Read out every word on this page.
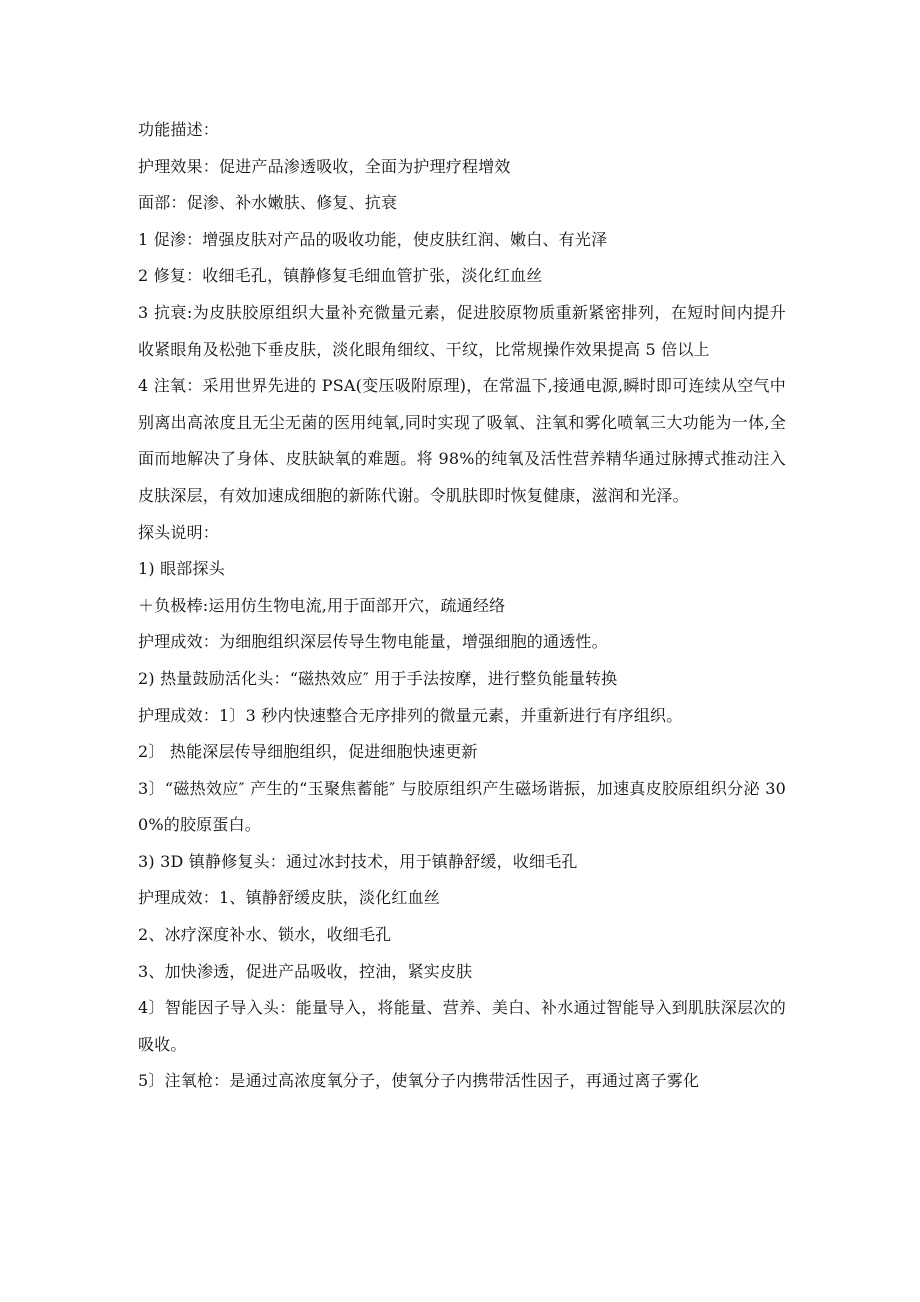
功能描述：

护理效果：促进产品渗透吸收，全面为护理疗程增效

面部：促渗、补水嫩肤、修复、抗衰

1 促渗：增强皮肤对产品的吸收功能，使皮肤红润、嫩白、有光泽

2 修复：收细毛孔，镇静修复毛细血管扩张，淡化红血丝

3 抗衰:为皮肤胶原组织大量补充微量元素，促进胶原物质重新紧密排列，在短时间内提升收紧眼角及松弛下垂皮肤，淡化眼角细纹、干纹，比常规操作效果提高 5 倍以上

4 注氧：采用世界先进的 PSA(变压吸附原理)，在常温下,接通电源,瞬时即可连续从空气中别离出高浓度且无尘无菌的医用纯氧,同时实现了吸氧、注氧和雾化喷氧三大功能为一体,全面而地解决了身体、皮肤缺氧的难题。将 98%的纯氧及活性营养精华通过脉搏式推动注入皮肤深层，有效加速成细胞的新陈代谢。令肌肤即时恢复健康，滋润和光泽。

探头说明：

1) 眼部探头

＋负极棒:运用仿生物电流,用于面部开穴，疏通经络

护理成效：为细胞组织深层传导生物电能量，增强细胞的通透性。

2) 热量鼓励活化头：“磁热效应″ 用于手法按摩，进行整负能量转换

护理成效：1〕3 秒内快速整合无序排列的微量元素，并重新进行有序组织。

2〕 热能深层传导细胞组织，促进细胞快速更新

3〕“磁热效应″ 产生的“玉聚焦蓄能″ 与胶原组织产生磁场谐振，加速真皮胶原组织分泌 300%的胶原蛋白。

3) 3D 镇静修复头：通过冰封技术，用于镇静舒缓，收细毛孔

护理成效：1、镇静舒缓皮肤，淡化红血丝

2、冰疗深度补水、锁水，收细毛孔

3、加快渗透，促进产品吸收，控油，紧实皮肤

4〕智能因子导入头：能量导入，将能量、营养、美白、补水通过智能导入到肌肤深层次的吸收。

5〕注氧枪：是通过高浓度氧分子，使氧分子内携带活性因子，再通过离子雾化
